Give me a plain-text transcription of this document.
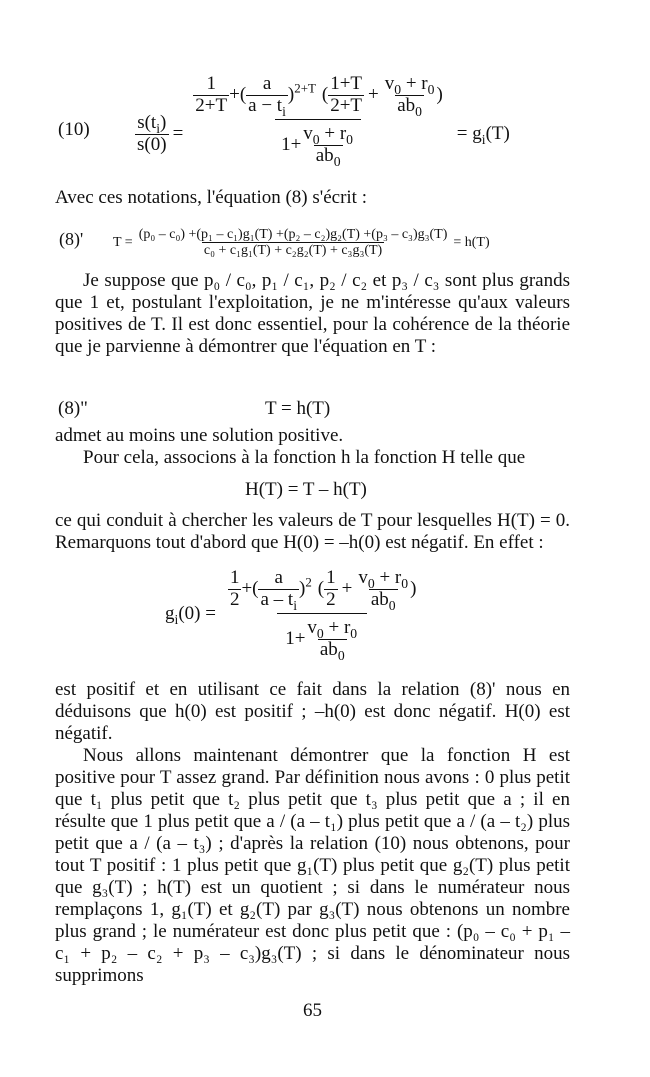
$(10) \frac{s(t_i)}{s(0)}$ =
$\frac{1}{2+T}$ +( $\frac{a}{a - t_i} )^{2+T}$ ( $\frac{1+T}{2+T} + \frac{v_0 + r_0}{ab_0}$ )
$1+ \frac{v_0 + r_0}{ab_0}$	= $g_i(T)$
Avec ces notations, l'équation (8) s'écrit :
(8)' $T = \frac{\text{(p₀ – c₀) +(p₁ – c₁)g₁(T) +(p₂ – c₂)g₂(T) +(p₃ – c₃)g₃(T)}}{\text{c₀ + c₁g₁(T) + c₂g₂(T) + c₃g₃(T)}} = h(T)$
Je suppose que p₀ / c₀, p₁ / c₁, p₂ / c₂ et p₃ / c₃ sont plus grands que 1 et, postulant l'exploitation, je ne m'intéresse qu'aux valeurs positives de T. Il est donc essentiel, pour la cohérence de la théorie que je parvienne à démontrer que l'équation en T :
(8)"	T = h(T)
admet au moins une solution positive.
Pour cela, associons à la fonction h la fonction H telle que
H(T) = T – h(T)
ce qui conduit à chercher les valeurs de T pour lesquelles H(T) = 0. Remarquons tout d'abord que H(0) = –h(0) est négatif. En effet :
$g_i(0)$ =
$\frac{1}{2}$ +( $\frac{a}{a - t_i} )^2$ ( $\frac{1}{2} + \frac{v_0 + r_0}{ab_0}$ )
$1+ \frac{v_0 + r_0}{ab_0}$
est positif et en utilisant ce fait dans la relation (8)' nous en déduisons que h(0) est positif ; –h(0) est donc négatif. H(0) est négatif.
Nous allons maintenant démontrer que la fonction H est positive pour T assez grand. Par définition nous avons : 0 plus petit que t₁ plus petit que t₂ plus petit que t₃ plus petit que a ; il en résulte que 1 plus petit que a / (a – t₁) plus petit que a / (a – t₂) plus petit que a / (a – t₃) ; d'après la relation (10) nous obtenons, pour tout T positif : 1 plus petit que g₁(T) plus petit que g₂(T) plus petit que g₃(T) ; h(T) est un quotient ; si dans le numérateur nous remplaçons 1, g₁(T) et g₂(T) par g₃(T) nous obtenons un nombre plus grand ; le numérateur est donc plus petit que : (p₀ – c₀ + p₁ – c₁ + p₂ – c₂ + p₃ – c₃)g₃(T) ; si dans le dénominateur nous supprimons
65
